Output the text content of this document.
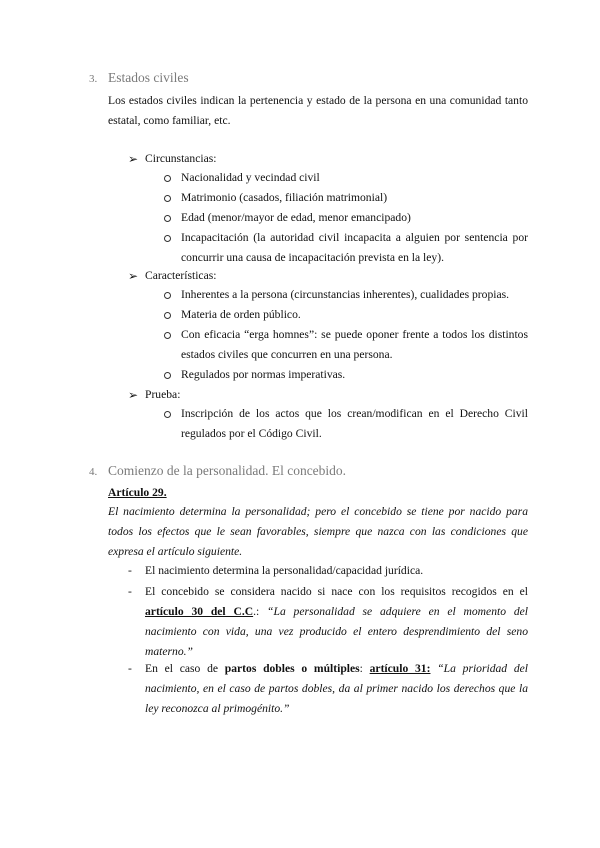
3. Estados civiles
Los estados civiles indican la pertenencia y estado de la persona en una comunidad tanto estatal, como familiar, etc.
➢ Circunstancias:
Nacionalidad y vecindad civil
Matrimonio (casados, filiación matrimonial)
Edad (menor/mayor de edad, menor emancipado)
Incapacitación (la autoridad civil incapacita a alguien por sentencia por concurrir una causa de incapacitación prevista en la ley).
➢ Características:
Inherentes a la persona (circunstancias inherentes), cualidades propias.
Materia de orden público.
Con eficacia “erga homnes”: se puede oponer frente a todos los distintos estados civiles que concurren en una persona.
Regulados por normas imperativas.
➢ Prueba:
Inscripción de los actos que los crean/modifican en el Derecho Civil regulados por el Código Civil.
4. Comienzo de la personalidad. El concebido.
Artículo 29.
El nacimiento determina la personalidad; pero el concebido se tiene por nacido para todos los efectos que le sean favorables, siempre que nazca con las condiciones que expresa el artículo siguiente.
- El nacimiento determina la personalidad/capacidad jurídica.
- El concebido se considera nacido si nace con los requisitos recogidos en el artículo 30 del C.C.: “La personalidad se adquiere en el momento del nacimiento con vida, una vez producido el entero desprendimiento del seno materno.”
- En el caso de partos dobles o múltiples: artículo 31: “La prioridad del nacimiento, en el caso de partos dobles, da al primer nacido los derechos que la ley reconozca al primogénito.”
